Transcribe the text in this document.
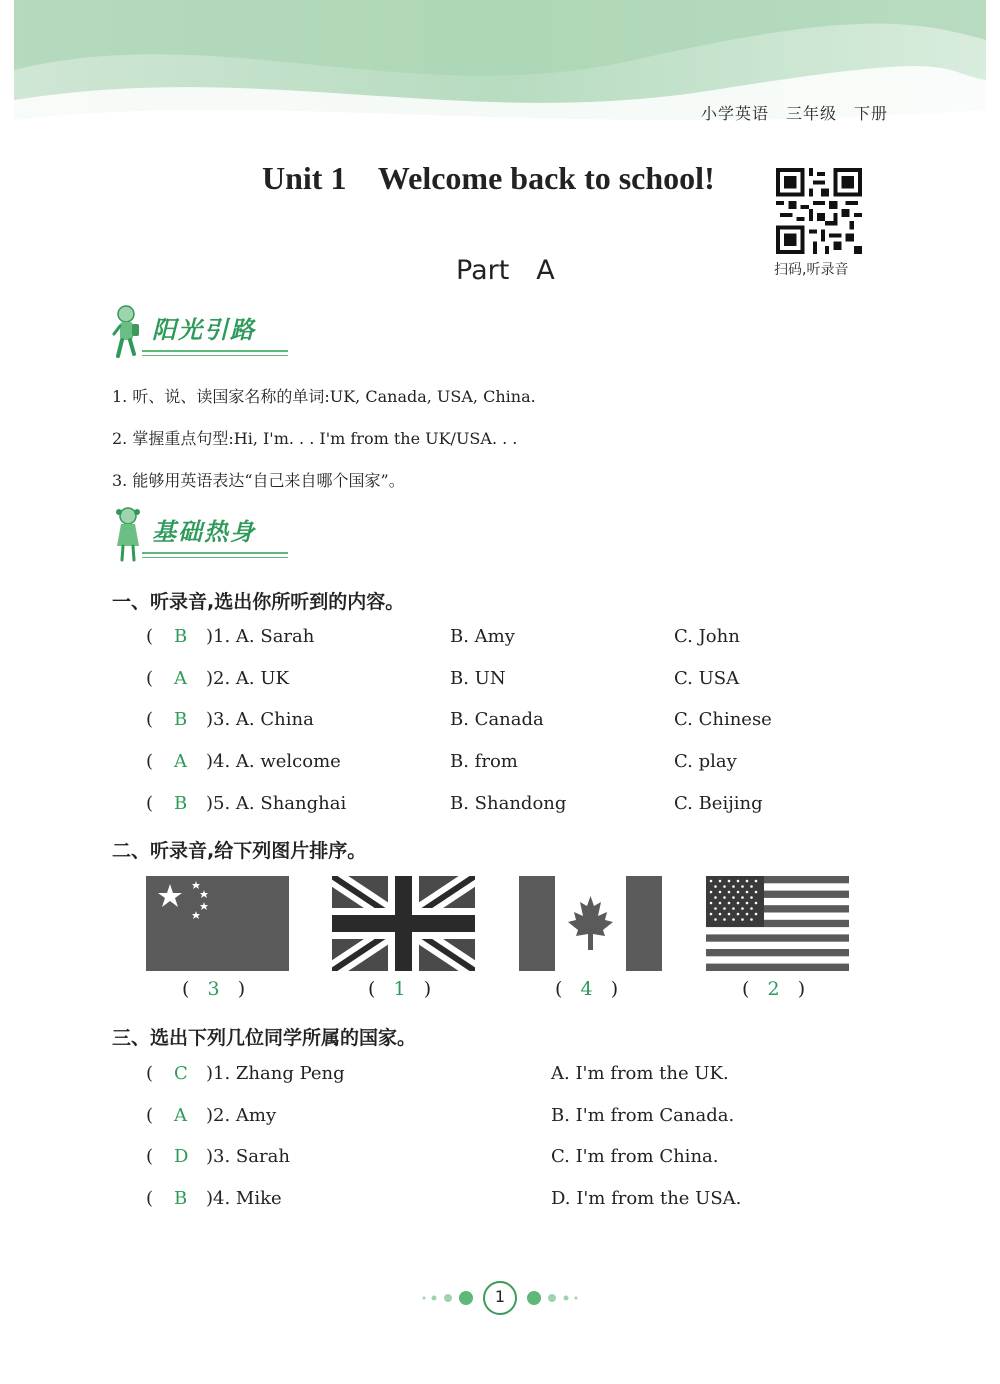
小学英语　三年级　下册
Unit 1 Welcome back to school!
Part　A	扫码,听录音
阳光引路
1. 听、说、读国家名称的单词:UK, Canada, USA, China.
2. 掌握重点句型:Hi, I'm. . . I'm from the UK/USA. . .
3. 能够用英语表达“自己来自哪个国家”。
基础热身
一、听录音,选出你所听到的内容。
( B )1. A. Sarah	B. Amy	C. John
( A )2. A. UK	B. UN	C. USA
( B )3. A. China	B. Canada	C. Chinese
( A )4. A. welcome	B. from	C. play
( B )5. A. Shanghai	B. Shandong	C. Beijing
二、听录音,给下列图片排序。
(   3   )	(   1   )	(   4   )	(   2   )
三、选出下列几位同学所属的国家。
( C )1. Zhang Peng	A. I'm from the UK.
( A )2. Amy	B. I'm from Canada.
( D )3. Sarah	C. I'm from China.
( B )4. Mike	D. I'm from the USA.
1
